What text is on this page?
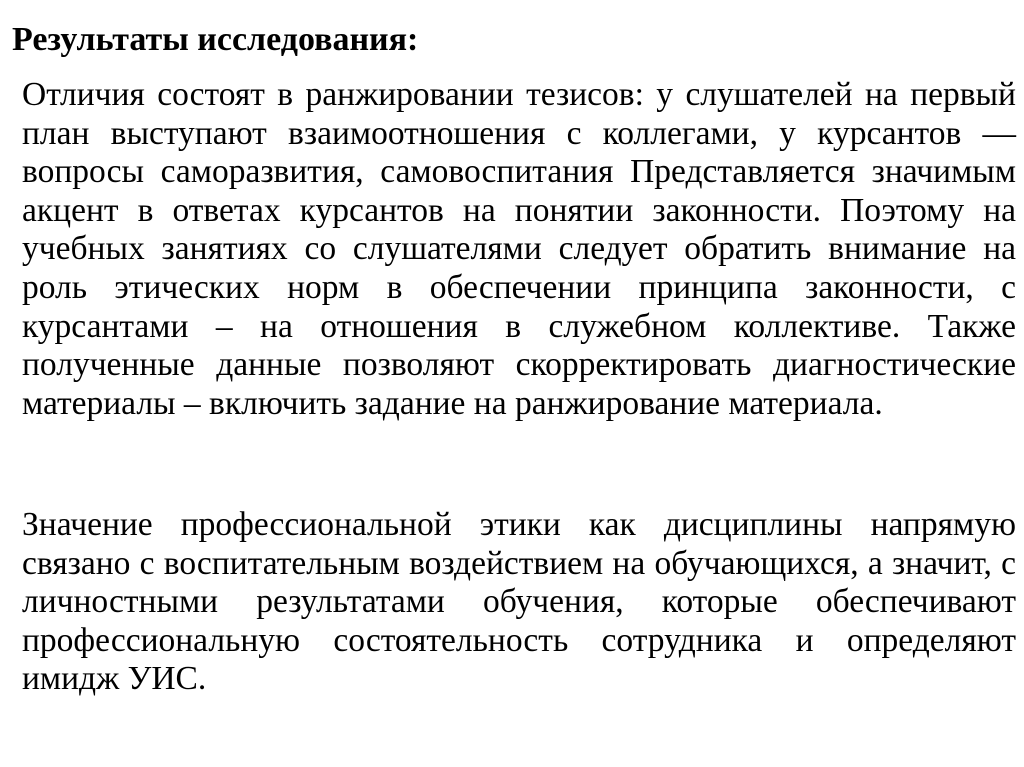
Результаты исследования:

Отличия состоят в ранжировании тезисов: у слушателей на первый план выступают взаимоотношения с коллегами, у курсантов — вопросы саморазвития, самовоспитания Представляется значимым акцент в ответах курсантов на понятии законности. Поэтому на учебных занятиях со слушателями следует обратить внимание на роль этических норм в обеспечении принципа законности, с курсантами – на отношения в служебном коллективе. Также полученные данные позволяют скорректировать диагностические материалы – включить задание на ранжирование материала.

Значение профессиональной этики как дисциплины напрямую связано с воспитательным воздействием на обучающихся, а значит, с личностными результатами обучения, которые обеспечивают профессиональную состоятельность сотрудника и определяют имидж УИС.
